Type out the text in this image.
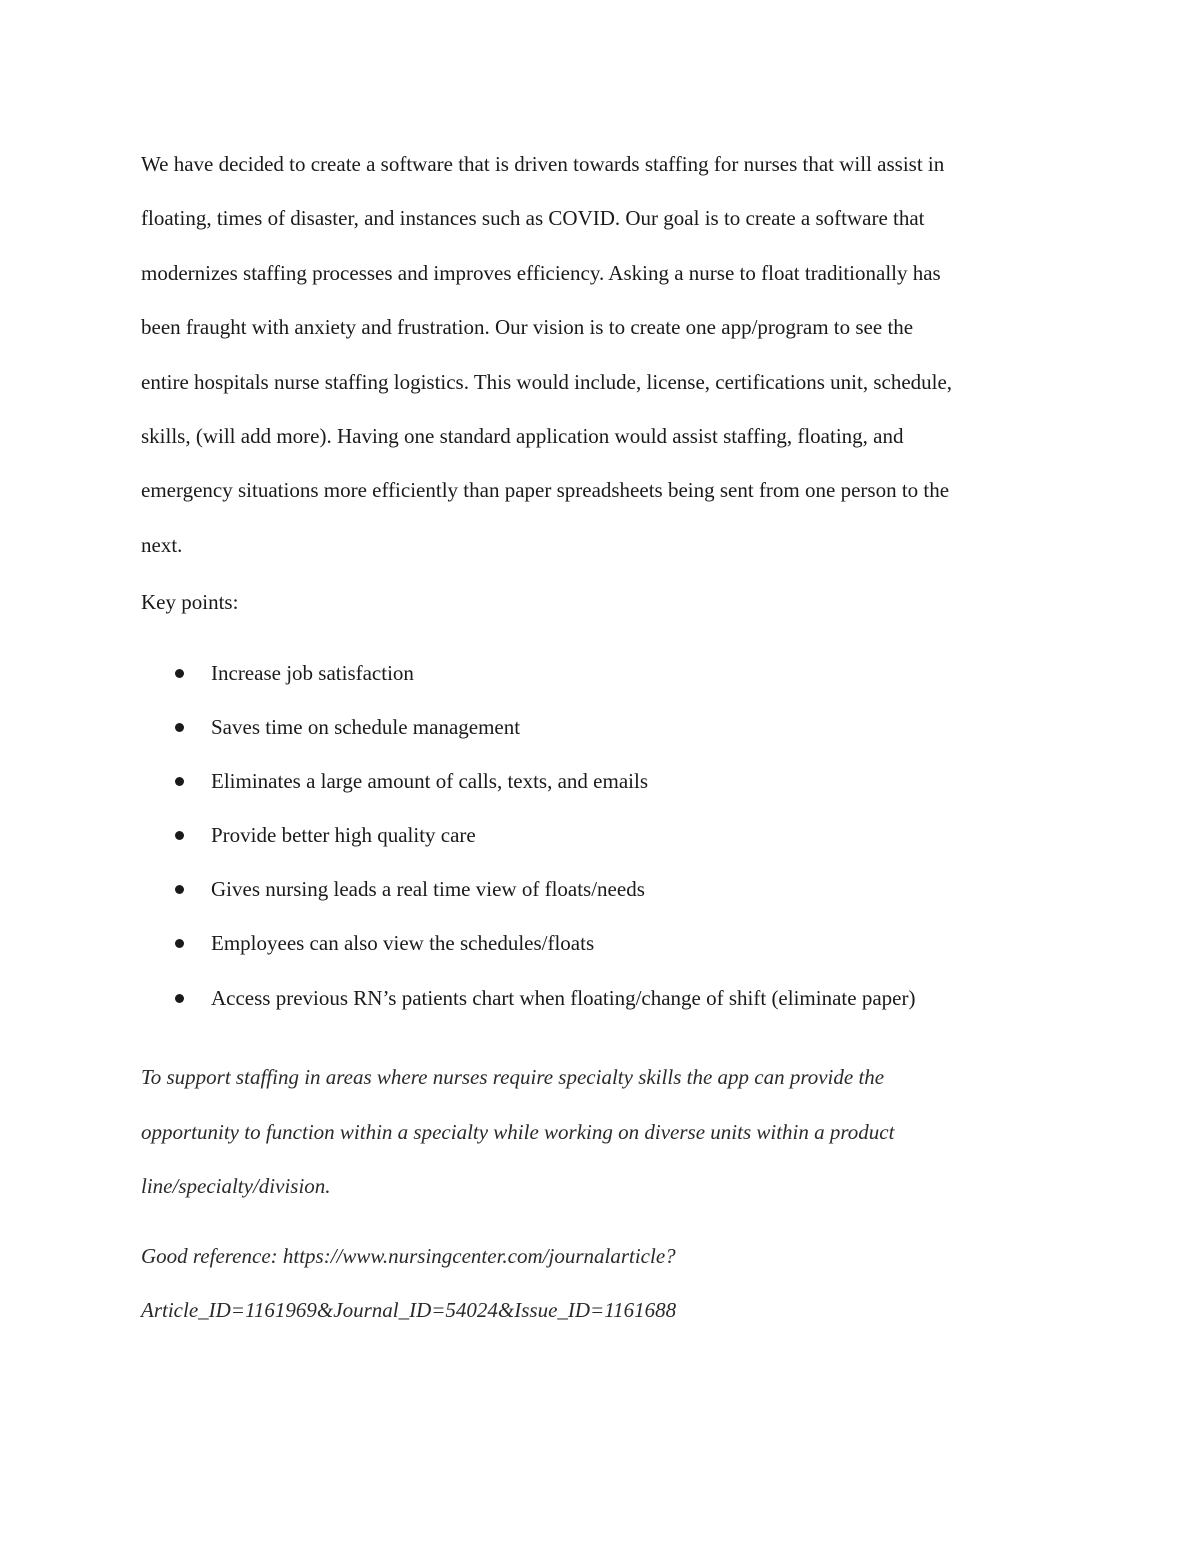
We have decided to create a software that is driven towards staffing for nurses that will assist in
floating, times of disaster, and instances such as COVID. Our goal is to create a software that
modernizes staffing processes and improves efficiency. Asking a nurse to float traditionally has
been fraught with anxiety and frustration. Our vision is to create one app/program to see the
entire hospitals nurse staffing logistics. This would include, license, certifications unit, schedule,
skills, (will add more). Having one standard application would assist staffing, floating, and
emergency situations more efficiently than paper spreadsheets being sent from one person to the
next.

Key points:

Increase job satisfaction
Saves time on schedule management
Eliminates a large amount of calls, texts, and emails
Provide better high quality care
Gives nursing leads a real time view of floats/needs
Employees can also view the schedules/floats
Access previous RN’s patients chart when floating/change of shift (eliminate paper)

To support staffing in areas where nurses require specialty skills the app can provide the
opportunity to function within a specialty while working on diverse units within a product
line/specialty/division.

Good reference: https://www.nursingcenter.com/journalarticle?
Article_ID=1161969&Journal_ID=54024&Issue_ID=1161688
